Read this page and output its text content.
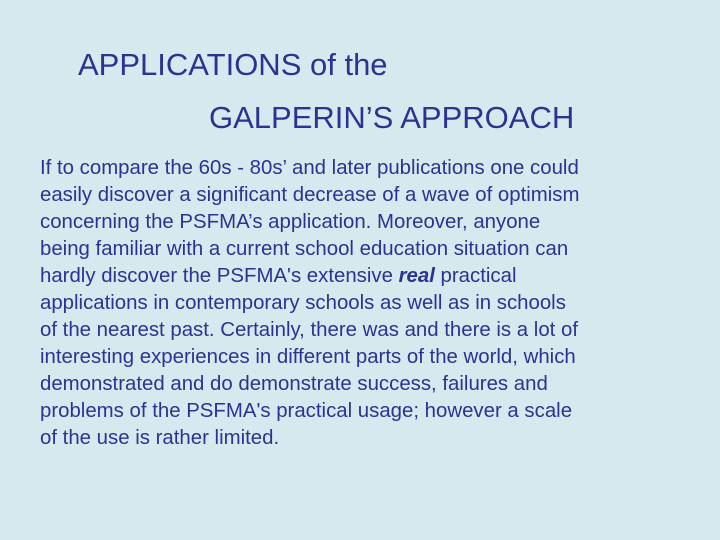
APPLICATIONS of the
GALPERIN’S APPROACH

If to compare the 60s - 80s’ and later publications one could
easily discover a significant decrease of a wave of optimism
concerning the PSFMA’s application. Moreover, anyone
being familiar with a current school education situation can
hardly discover the PSFMA's extensive real practical
applications in contemporary schools as well as in schools
of the nearest past. Certainly, there was and there is a lot of
interesting experiences in different parts of the world, which
demonstrated and do demonstrate success, failures and
problems of the PSFMA's practical usage; however a scale
of the use is rather limited.
